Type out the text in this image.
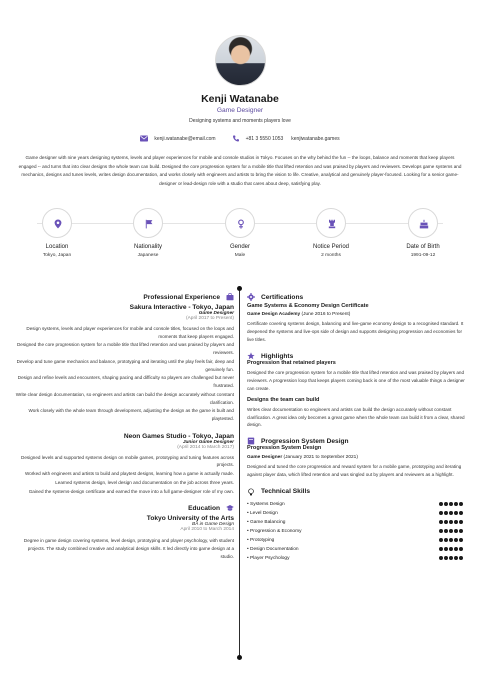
Kenji Watanabe
Game Designer
Designing systems and moments players love
kenji.watanabe@email.com	+81 3 5550 1053 kenjiwatanabe.games
Game designer with nine years designing systems, levels and player experiences for mobile and console studios in Tokyo. Focuses on the why behind the fun -- the loops, balance and moments that keep players engaged -- and turns that into clear designs the whole team can build. Designed the core progression system for a mobile title that lifted retention and was praised by players and reviewers. Develops game systems and mechanics, designs and tunes levels, writes design documentation, and works closely with engineers and artists to bring the vision to life. Creative, analytical and genuinely player-focused. Looking for a senior game-designer or lead-design role with a studio that cares about deep, satisfying play.
Location
Tokyo, Japan
Nationality
Japanese
Gender
Male
Notice Period
2 months
Date of Birth
1991-09-12
Professional Experience
Sakura Interactive - Tokyo, Japan
Game Designer
(April 2017 to Present)

Design systems, levels and player experiences for mobile and console titles, focused on the loops and moments that keep players engaged.

Designed the core progression system for a mobile title that lifted retention and was praised by players and reviewers.

Develop and tune game mechanics and balance, prototyping and iterating until the play feels fair, deep and genuinely fun.

Design and refine levels and encounters, shaping pacing and difficulty so players are challenged but never frustrated.

Write clear design documentation, so engineers and artists can build the design accurately without constant clarification.

Work closely with the whole team through development, adjusting the design as the game is built and playtested.

Neon Games Studio - Tokyo, Japan
Junior Game Designer
(April 2014 to March 2017)

Designed levels and supported systems design on mobile games, prototyping and tuning features across projects.

Worked with engineers and artists to build and playtest designs, learning how a game is actually made.

Learned systems design, level design and documentation on the job across three years.

Gained the systems-design certificate and earned the move into a full game-designer role of my own.

Education
Tokyo University of the Arts
BA in Game Design
April 2010 to March 2014
Degree in game design covering systems, level design, prototyping and player psychology, with student projects. The study combined creative and analytical design skills. It led directly into game design at a studio.
Certifications
Game Systems & Economy Design Certificate
Game Design Academy (June 2016 to Present)
Certificate covering systems design, balancing and live-game economy design to a recognised standard. It deepened the systems and live-ops side of design and supports designing progression and economies for live titles.
Highlights
Progression that retained players
Designed the core progression system for a mobile title that lifted retention and was praised by players and reviewers. A progression loop that keeps players coming back is one of the most valuable things a designer can create.
Designs the team can build
Writes clear documentation so engineers and artists can build the design accurately without constant clarification. A great idea only becomes a great game when the whole team can build it from a clear, shared design.
Progression System Design
Progression System Design
Game Designer (January 2021 to September 2021)
Designed and tuned the core progression and reward system for a mobile game, prototyping and iterating against player data, which lifted retention and was singled out by players and reviewers as a highlight.
Technical Skills
• Systems Design
• Level Design
• Game Balancing
• Progression & Economy
• Prototyping
• Design Documentation
• Player Psychology
